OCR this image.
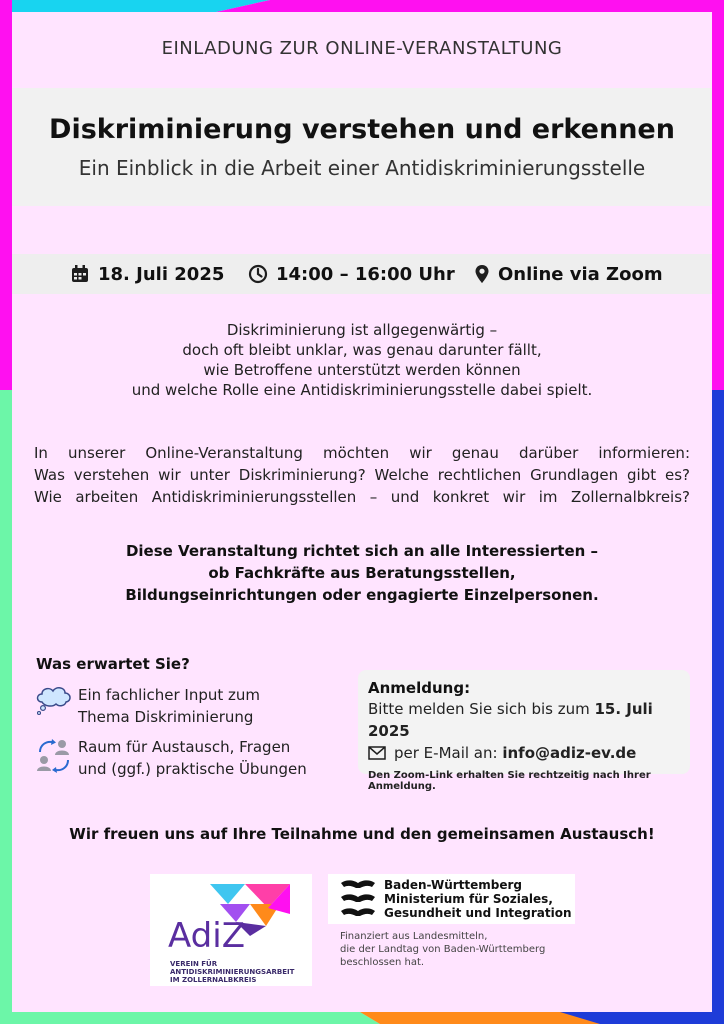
EINLADUNG ZUR ONLINE-VERANSTALTUNG
Diskriminierung verstehen und erkennen
Ein Einblick in die Arbeit einer Antidiskriminierungsstelle
18. Juli 2025	14:00 – 16:00 Uhr Online via Zoom
Diskriminierung ist allgegenwärtig –
doch oft bleibt unklar, was genau darunter fällt,
wie Betroffene unterstützt werden können
und welche Rolle eine Antidiskriminierungsstelle dabei spielt.
In unserer Online-Veranstaltung möchten wir genau darüber informieren:
Was verstehen wir unter Diskriminierung? Welche rechtlichen Grundlagen gibt es?
Wie arbeiten Antidiskriminierungsstellen – und konkret wir im Zollernalbkreis?
Diese Veranstaltung richtet sich an alle Interessierten –
ob Fachkräfte aus Beratungsstellen,
Bildungseinrichtungen oder engagierte Einzelpersonen.
Was erwartet Sie?
Ein fachlicher Input zum
Thema Diskriminierung
Raum für Austausch, Fragen
und (ggf.) praktische Übungen
Anmeldung:
Bitte melden Sie sich bis zum 15. Juli 2025
per E-Mail an:
info@adiz-ev.de
Den Zoom-Link erhalten Sie rechtzeitig nach Ihrer Anmeldung.
Wir freuen uns auf Ihre Teilnahme und den gemeinsamen Austausch!
AdiZ
VEREIN FÜR
ANTIDISKRIMINIERUNGSARBEIT
IM ZOLLERNALBKREIS
Baden-Württemberg
Ministerium für Soziales,
Gesundheit und Integration
Finanziert aus Landesmitteln,
die der Landtag von Baden-Württemberg
beschlossen hat.
